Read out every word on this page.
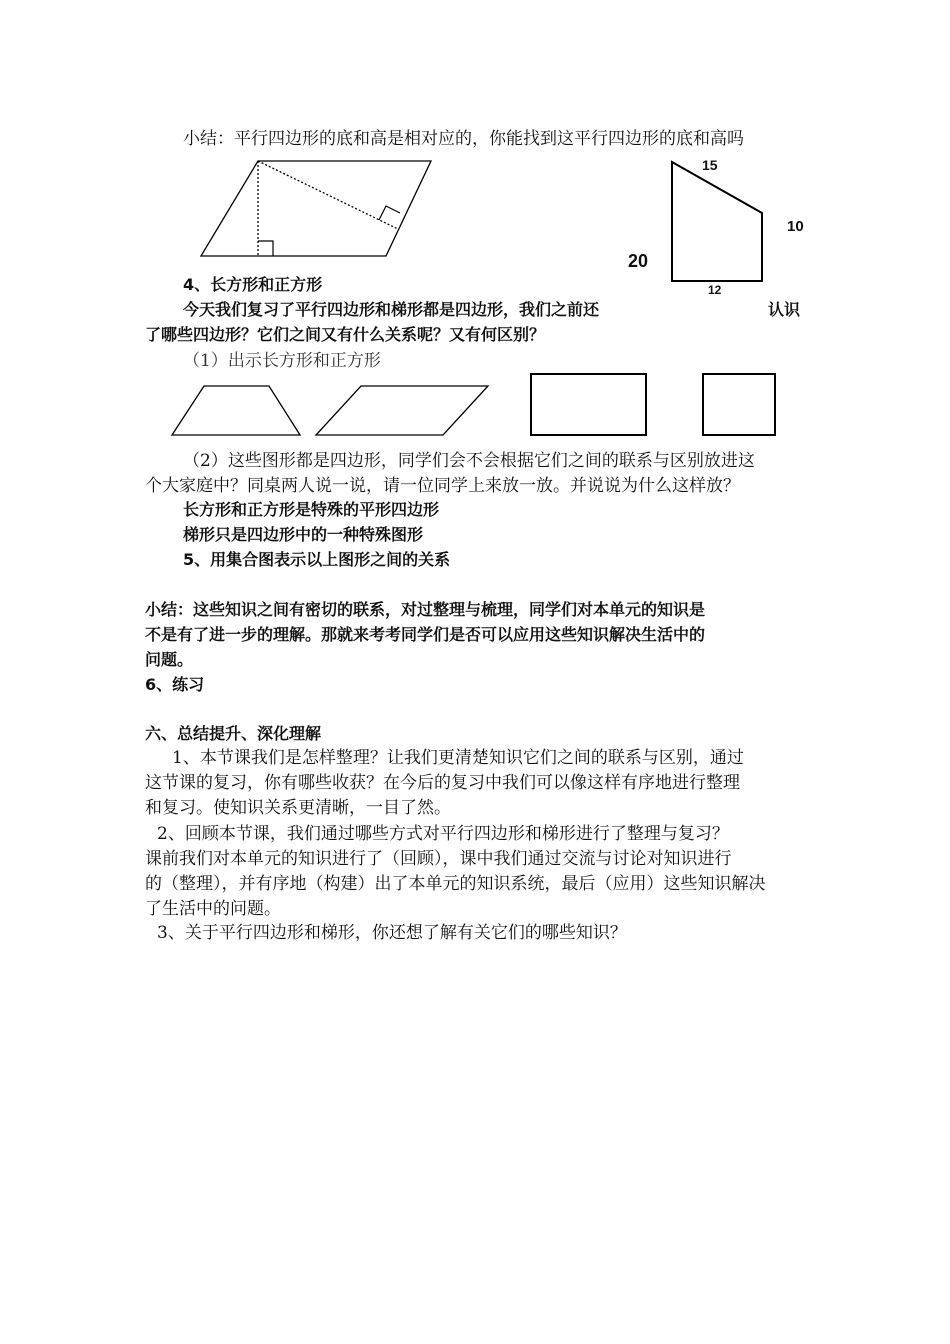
小结：平行四边形的底和高是相对应的，你能找到这平行四边形的底和高吗
15
10
20
12
4、长方形和正方形
今天我们复习了平行四边形和梯形都是四边形，我们之前还	认识
了哪些四边形？它们之间又有什么关系呢？又有何区别？
（1）出示长方形和正方形
（2）这些图形都是四边形，同学们会不会根据它们之间的联系与区别放进这
个大家庭中？同桌两人说一说，请一位同学上来放一放。并说说为什么这样放？
长方形和正方形是特殊的平形四边形
梯形只是四边形中的一种特殊图形
5、用集合图表示以上图形之间的关系
小结：这些知识之间有密切的联系，对过整理与梳理，同学们对本单元的知识是
不是有了进一步的理解。那就来考考同学们是否可以应用这些知识解决生活中的
问题。
6、练习
六、总结提升、深化理解
1、本节课我们是怎样整理？让我们更清楚知识它们之间的联系与区别，通过
这节课的复习，你有哪些收获？在今后的复习中我们可以像这样有序地进行整理
和复习。使知识关系更清晰，一目了然。
2、回顾本节课，我们通过哪些方式对平行四边形和梯形进行了整理与复习？
课前我们对本单元的知识进行了（回顾），课中我们通过交流与讨论对知识进行
的（整理），并有序地（构建）出了本单元的知识系统，最后（应用）这些知识解决
了生活中的问题。
3、关于平行四边形和梯形，你还想了解有关它们的哪些知识？
